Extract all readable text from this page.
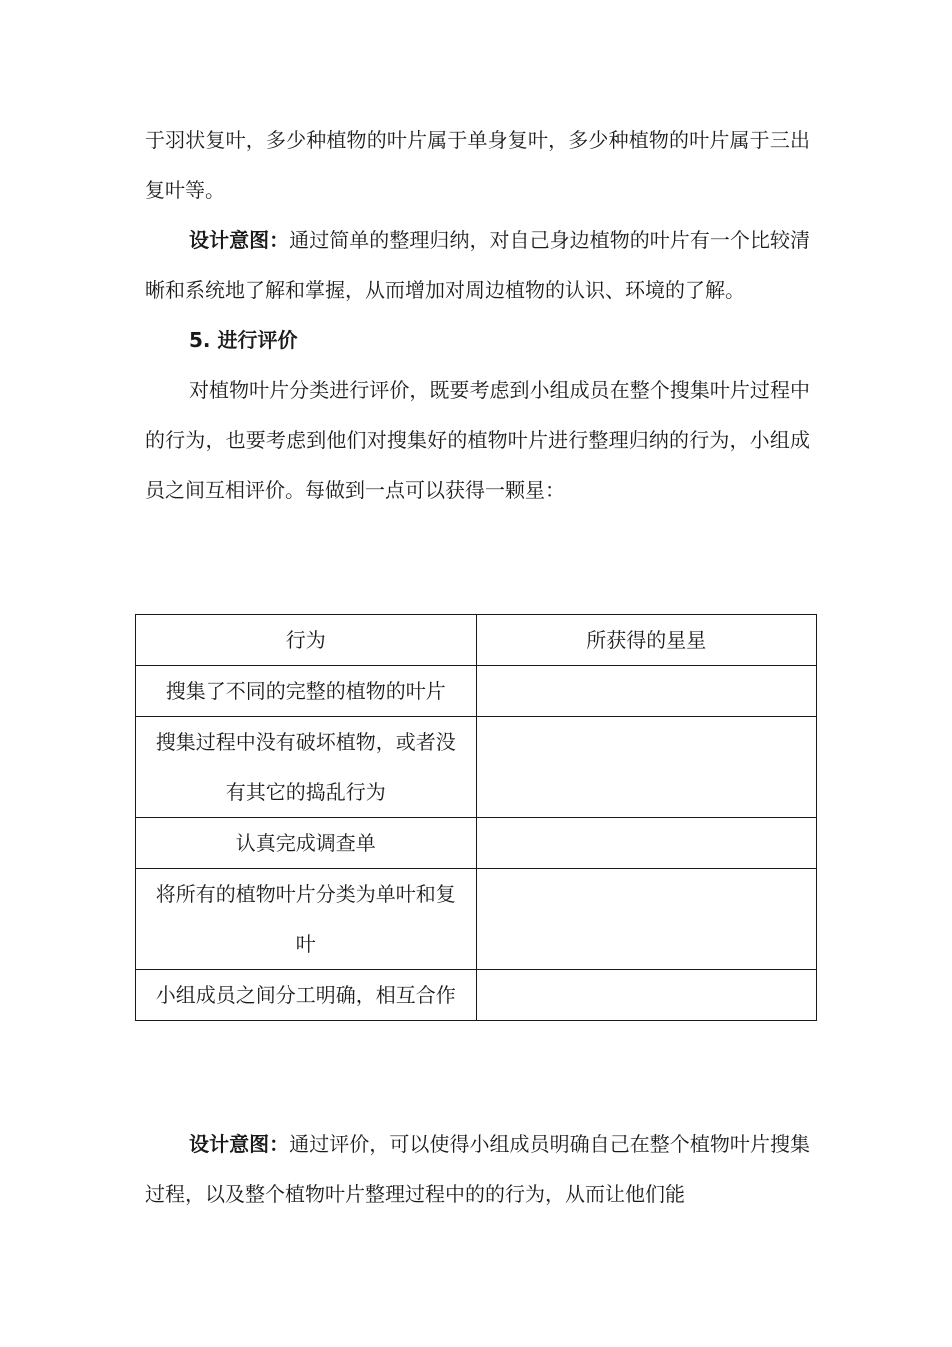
于羽状复叶，多少种植物的叶片属于单身复叶，多少种植物的叶片属于三出复叶等。

设计意图：通过简单的整理归纳，对自己身边植物的叶片有一个比较清晰和系统地了解和掌握，从而增加对周边植物的认识、环境的了解。

5. 进行评价

对植物叶片分类进行评价，既要考虑到小组成员在整个搜集叶片过程中的行为，也要考虑到他们对搜集好的植物叶片进行整理归纳的行为，小组成员之间互相评价。每做到一点可以获得一颗星：

行为	所获得的星星
搜集了不同的完整的植物的叶片	
搜集过程中没有破坏植物，或者没有其它的捣乱行为	
认真完成调查单	
将所有的植物叶片分类为单叶和复叶	
小组成员之间分工明确，相互合作	

设计意图：通过评价，可以使得小组成员明确自己在整个植物叶片搜集过程，以及整个植物叶片整理过程中的的行为，从而让他们能
